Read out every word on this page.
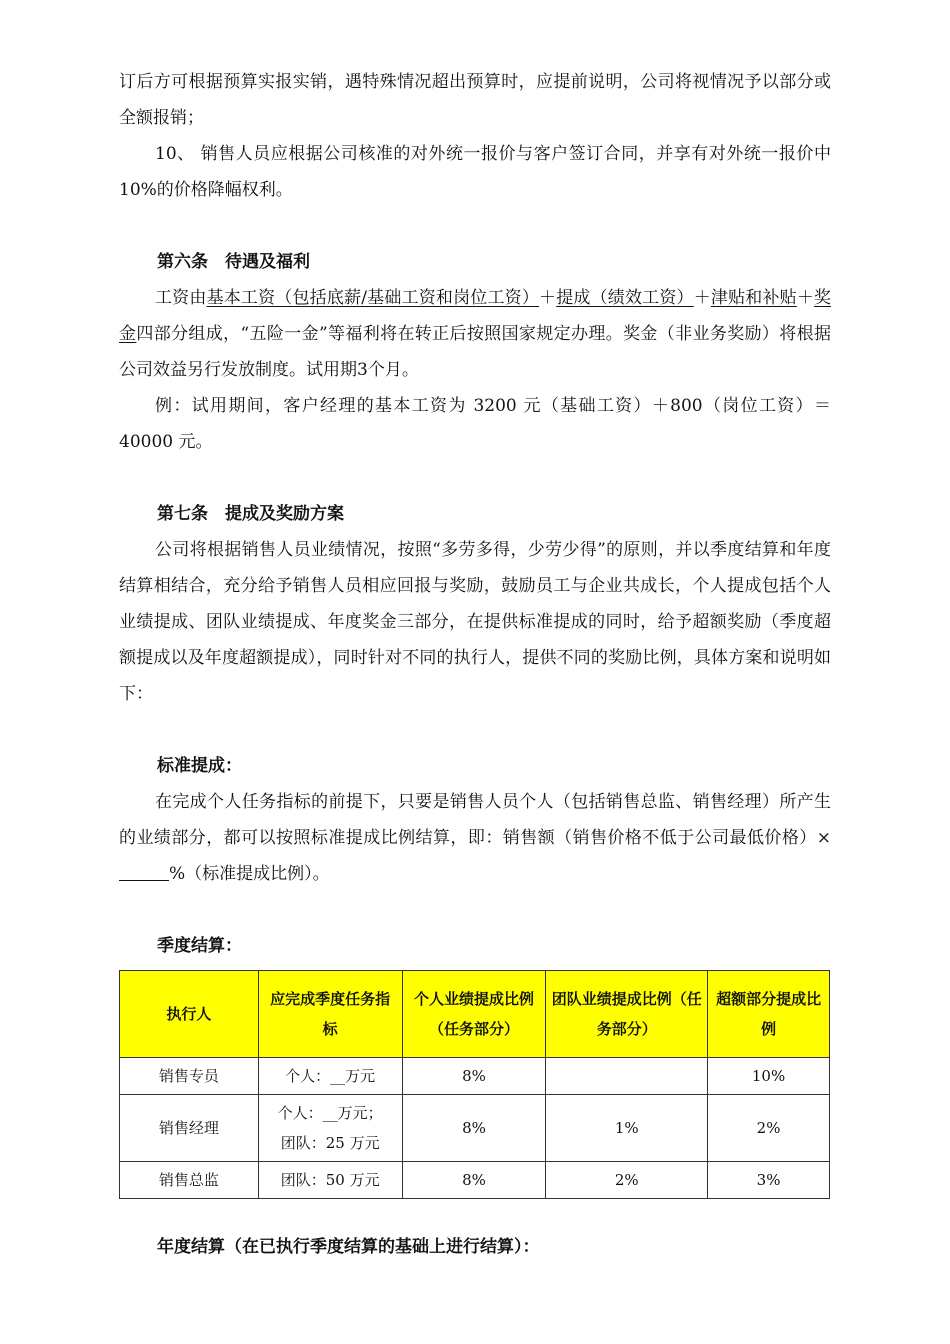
订后方可根据预算实报实销，遇特殊情况超出预算时，应提前说明，公司将视情况予以部分或全额报销；

10、 销售人员应根据公司核准的对外统一报价与客户签订合同，并享有对外统一报价中10%的价格降幅权利。

第六条　待遇及福利

工资由基本工资（包括底薪/基础工资和岗位工资）＋提成（绩效工资）＋津贴和补贴＋奖金四部分组成，“五险一金”等福利将在转正后按照国家规定办理。奖金（非业务奖励）将根据公司效益另行发放制度。试用期3个月。

例：试用期间，客户经理的基本工资为 3200 元（基础工资）＋800（岗位工资）＝40000 元。

第七条　提成及奖励方案

公司将根据销售人员业绩情况，按照“多劳多得，少劳少得”的原则，并以季度结算和年度结算相结合，充分给予销售人员相应回报与奖励，鼓励员工与企业共成长，个人提成包括个人业绩提成、团队业绩提成、年度奖金三部分，在提供标准提成的同时，给予超额奖励（季度超额提成以及年度超额提成），同时针对不同的执行人，提供不同的奖励比例，具体方案和说明如下：

标准提成：

在完成个人任务指标的前提下，只要是销售人员个人（包括销售总监、销售经理）所产生的业绩部分，都可以按照标准提成比例结算，即：销售额（销售价格不低于公司最低价格）×%（标准提成比例）。

季度结算：

执行人	应完成季度任务指标	个人业绩提成比例（任务部分）	团队业绩提成比例（任务部分）	超额部分提成比例
销售专员	个人：__万元	8%		10%
销售经理	个人：__万元；
团队：25 万元	8%	1%	2%
销售总监	团队：50 万元	8%	2%	3%

年度结算（在已执行季度结算的基础上进行结算）：
